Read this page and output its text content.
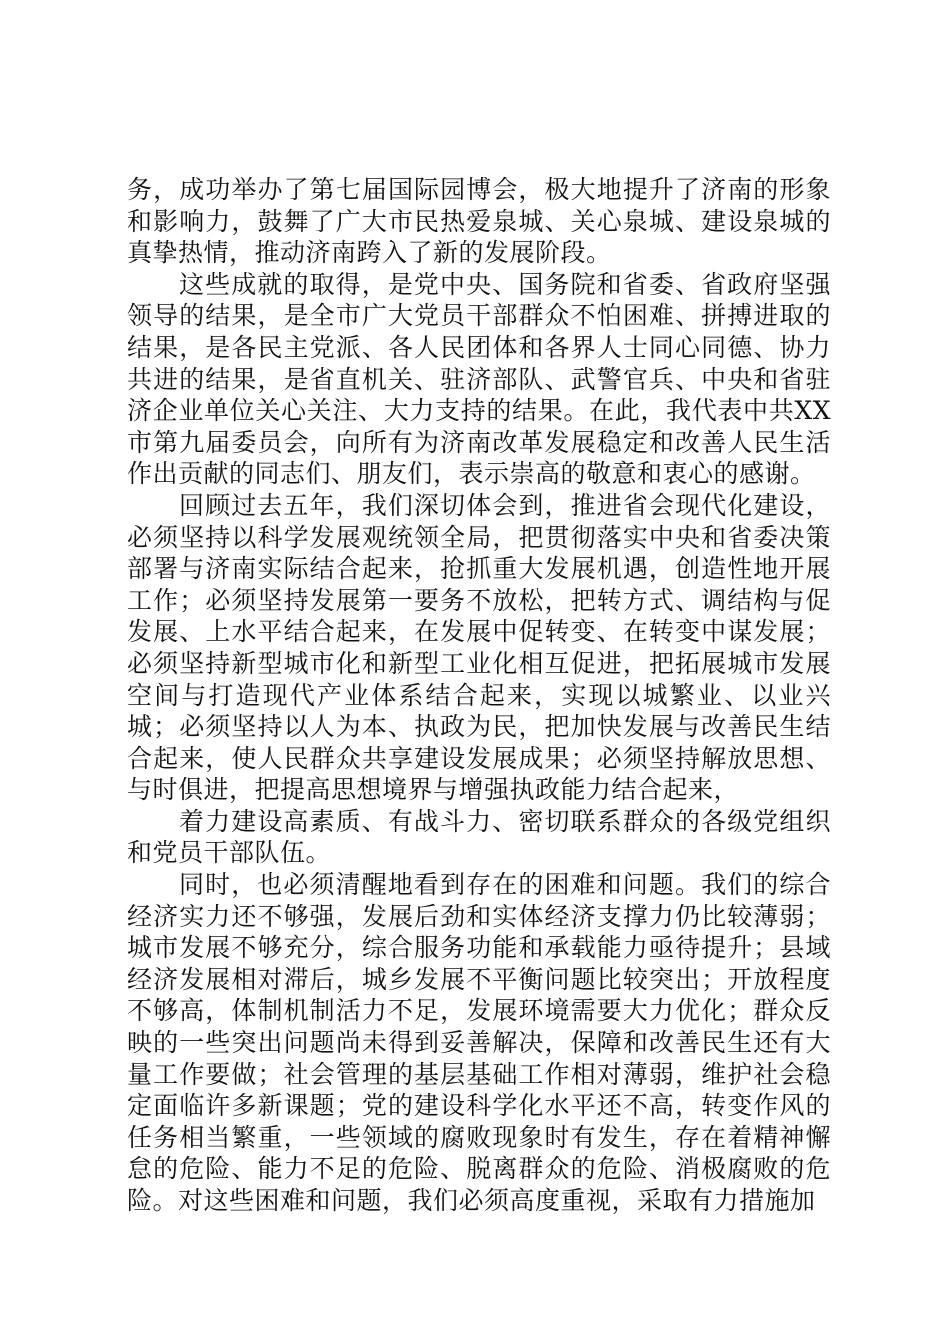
务，成功举办了第七届国际园博会，极大地提升了济南的形象和影响力，鼓舞了广大市民热爱泉城、关心泉城、建设泉城的真挚热情，推动济南跨入了新的发展阶段。

这些成就的取得，是党中央、国务院和省委、省政府坚强领导的结果，是全市广大党员干部群众不怕困难、拼搏进取的结果，是各民主党派、各人民团体和各界人士同心同德、协力共进的结果，是省直机关、驻济部队、武警官兵、中央和省驻济企业单位关心关注、大力支持的结果。在此，我代表中共XX市第九届委员会，向所有为济南改革发展稳定和改善人民生活作出贡献的同志们、朋友们，表示崇高的敬意和衷心的感谢。

回顾过去五年，我们深切体会到，推进省会现代化建设，必须坚持以科学发展观统领全局，把贯彻落实中央和省委决策部署与济南实际结合起来，抢抓重大发展机遇，创造性地开展工作；必须坚持发展第一要务不放松，把转方式、调结构与促发展、上水平结合起来，在发展中促转变、在转变中谋发展；必须坚持新型城市化和新型工业化相互促进，把拓展城市发展空间与打造现代产业体系结合起来，实现以城繁业、以业兴城；必须坚持以人为本、执政为民，把加快发展与改善民生结合起来，使人民群众共享建设发展成果；必须坚持解放思想、与时俱进，把提高思想境界与增强执政能力结合起来，

着力建设高素质、有战斗力、密切联系群众的各级党组织和党员干部队伍。

同时，也必须清醒地看到存在的困难和问题。我们的综合经济实力还不够强，发展后劲和实体经济支撑力仍比较薄弱；城市发展不够充分，综合服务功能和承载能力亟待提升；县域经济发展相对滞后，城乡发展不平衡问题比较突出；开放程度不够高，体制机制活力不足，发展环境需要大力优化；群众反映的一些突出问题尚未得到妥善解决，保障和改善民生还有大量工作要做；社会管理的基层基础工作相对薄弱，维护社会稳定面临许多新课题；党的建设科学化水平还不高，转变作风的任务相当繁重，一些领域的腐败现象时有发生，存在着精神懈怠的危险、能力不足的危险、脱离群众的危险、消极腐败的危险。对这些困难和问题，我们必须高度重视，采取有力措施加
